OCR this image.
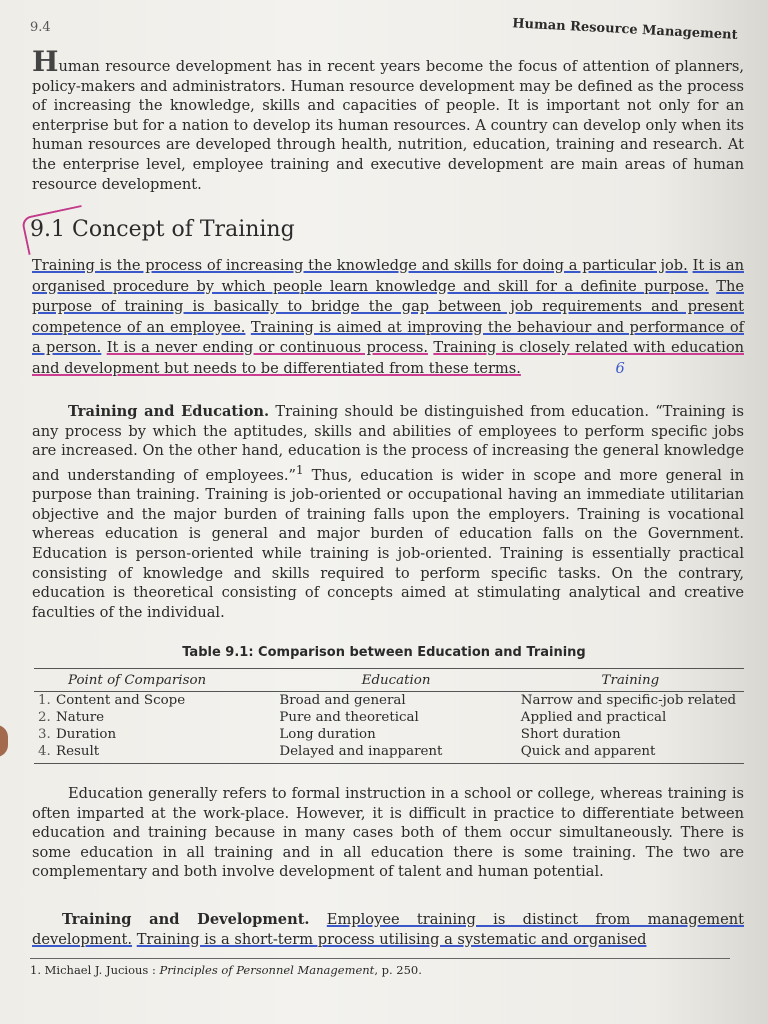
9.4	Human Resource Management
Human resource development has in recent years become the focus of attention of planners, policy-makers and administrators. Human resource development may be defined as the process of increasing the knowledge, skills and capacities of people. It is important not only for an enterprise but for a nation to develop its human resources. A country can develop only when its human resources are developed through health, nutrition, education, training and research. At the enterprise level, employee training and executive development are main areas of human resource development.
9.1 Concept of Training
Training is the process of increasing the knowledge and skills for doing a particular job. It is an organised procedure by which people learn knowledge and skill for a definite purpose. The purpose of training is basically to bridge the gap between job requirements and present competence of an employee. Training is aimed at improving the behaviour and performance of a person. It is a never ending or continuous process. Training is closely related with education and development but needs to be differentiated from these terms.	6
Training and Education. Training should be distinguished from education. “Training is any process by which the aptitudes, skills and abilities of employees to perform specific jobs are increased. On the other hand, education is the process of increasing the general knowledge and understanding of employees.”$^1$ Thus, education is wider in scope and more general in purpose than training. Training is job-oriented or occupational having an immediate utilitarian objective and the major burden of training falls upon the employers. Training is vocational whereas education is general and major burden of education falls on the Government. Education is person-oriented while training is job-oriented. Training is essentially practical consisting of knowledge and skills required to perform specific tasks. On the contrary, education is theoretical consisting of concepts aimed at stimulating analytical and creative faculties of the individual.
Table 9.1: Comparison between Education and Training
Point of Comparison	Education	Training
1. Content and Scope	Broad and general	Narrow and specific-job related
2. Nature	Pure and theoretical	Applied and practical
3. Duration	Long duration	Short duration
4. Result	Delayed and inapparent	Quick and apparent
Education generally refers to formal instruction in a school or college, whereas training is often imparted at the work-place. However, it is difficult in practice to differentiate between education and training because in many cases both of them occur simultaneously. There is some education in all training and in all education there is some training. The two are complementary and both involve development of talent and human potential.
Training and Development. Employee training is distinct from management development. Training is a short-term process utilising a systematic and organised
1. Michael J. Jucious : Principles of Personnel Management, p. 250.
